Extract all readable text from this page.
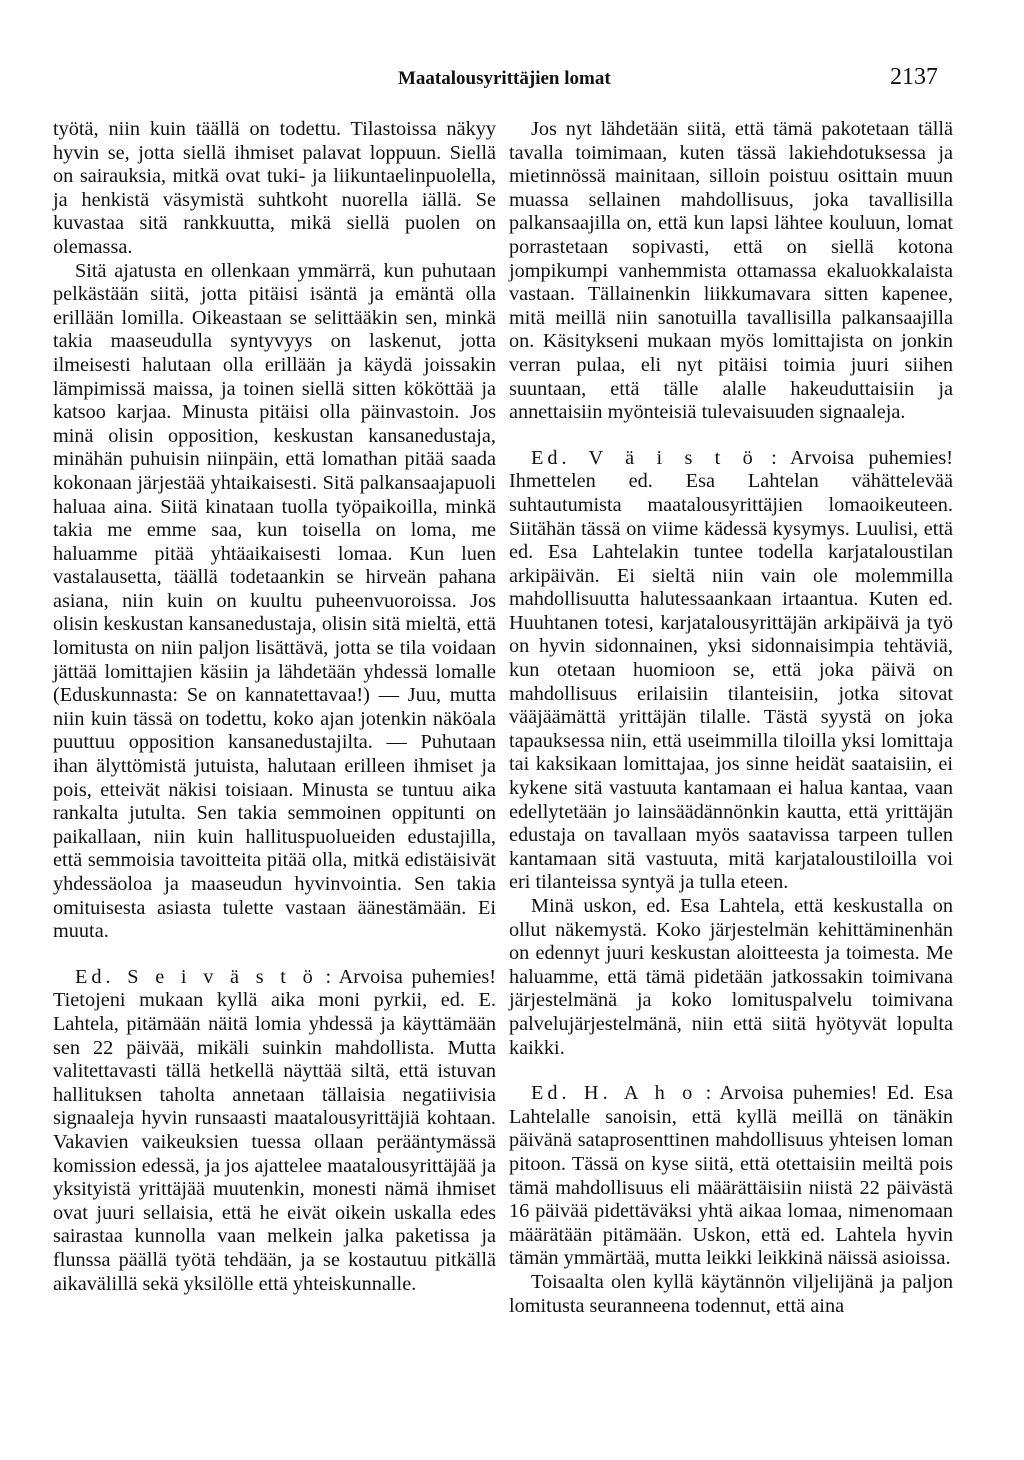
Maatalousyrittäjien lomat	2137

työtä, niin kuin täällä on todettu. Tilastoissa näkyy hyvin se, jotta siellä ihmiset palavat loppuun. Siellä on sairauksia, mitkä ovat tuki- ja liikuntaelinpuolella, ja henkistä väsymistä suhtkoht nuorella iällä. Se kuvastaa sitä rankkuutta, mikä siellä puolen on olemassa.

Sitä ajatusta en ollenkaan ymmärrä, kun puhutaan pelkästään siitä, jotta pitäisi isäntä ja emäntä olla erillään lomilla. Oikeastaan se selittääkin sen, minkä takia maaseudulla syntyvyys on laskenut, jotta ilmeisesti halutaan olla erillään ja käydä joissakin lämpimissä maissa, ja toinen siellä sitten kököttää ja katsoo karjaa. Minusta pitäisi olla päinvastoin. Jos minä olisin opposition, keskustan kansanedustaja, minähän puhuisin niinpäin, että lomathan pitää saada kokonaan järjestää yhtaikaisesti. Sitä palkansaajapuoli haluaa aina. Siitä kinataan tuolla työpaikoilla, minkä takia me emme saa, kun toisella on loma, me haluamme pitää yhtäaikaisesti lomaa. Kun luen vastalausetta, täällä todetaankin se hirveän pahana asiana, niin kuin on kuultu puheenvuoroissa. Jos olisin keskustan kansanedustaja, olisin sitä mieltä, että lomitusta on niin paljon lisättävä, jotta se tila voidaan jättää lomittajien käsiin ja lähdetään yhdessä lomalle (Eduskunnasta: Se on kannatettavaa!) — Juu, mutta niin kuin tässä on todettu, koko ajan jotenkin näköala puuttuu opposition kansanedustajilta. — Puhutaan ihan älyttömistä jutuista, halutaan erilleen ihmiset ja pois, etteivät näkisi toisiaan. Minusta se tuntuu aika rankalta jutulta. Sen takia semmoinen oppitunti on paikallaan, niin kuin hallituspuolueiden edustajilla, että semmoisia tavoitteita pitää olla, mitkä edistäisivät yhdessäoloa ja maaseudun hyvinvointia. Sen takia omituisesta asiasta tulette vastaan äänestämään. Ei muuta.

Ed. S e i v ä s t ö : Arvoisa puhemies! Tietojeni mukaan kyllä aika moni pyrkii, ed. E. Lahtela, pitämään näitä lomia yhdessä ja käyttämään sen 22 päivää, mikäli suinkin mahdollista. Mutta valitettavasti tällä hetkellä näyttää siltä, että istuvan hallituksen taholta annetaan tällaisia negatiivisia signaaleja hyvin runsaasti maatalousyrittäjiä kohtaan. Vakavien vaikeuksien tuessa ollaan perääntymässä komission edessä, ja jos ajattelee maatalousyrittäjää ja yksityistä yrittäjää muutenkin, monesti nämä ihmiset ovat juuri sellaisia, että he eivät oikein uskalla edes sairastaa kunnolla vaan melkein jalka paketissa ja flunssa päällä työtä tehdään, ja se kostautuu pitkällä aikavälillä sekä yksilölle että yhteiskunnalle.

Jos nyt lähdetään siitä, että tämä pakotetaan tällä tavalla toimimaan, kuten tässä lakiehdotuksessa ja mietinnössä mainitaan, silloin poistuu osittain muun muassa sellainen mahdollisuus, joka tavallisilla palkansaajilla on, että kun lapsi lähtee kouluun, lomat porrastetaan sopivasti, että on siellä kotona jompikumpi vanhemmista ottamassa ekaluokkalaista vastaan. Tällainenkin liikkumavara sitten kapenee, mitä meillä niin sanotuilla tavallisilla palkansaajilla on. Käsitykseni mukaan myös lomittajista on jonkin verran pulaa, eli nyt pitäisi toimia juuri siihen suuntaan, että tälle alalle hakeuduttaisiin ja annettaisiin myönteisiä tulevaisuuden signaaleja.

Ed. V ä i s t ö : Arvoisa puhemies! Ihmettelen ed. Esa Lahtelan vähättelevää suhtautumista maatalousyrittäjien lomaoikeuteen. Siitähän tässä on viime kädessä kysymys. Luulisi, että ed. Esa Lahtelakin tuntee todella karjataloustilan arkipäivän. Ei sieltä niin vain ole molemmilla mahdollisuutta halutessaankaan irtaantua. Kuten ed. Huuhtanen totesi, karjatalousyrittäjän arkipäivä ja työ on hyvin sidonnainen, yksi sidonnaisimpia tehtäviä, kun otetaan huomioon se, että joka päivä on mahdollisuus erilaisiin tilanteisiin, jotka sitovat vääjäämättä yrittäjän tilalle. Tästä syystä on joka tapauksessa niin, että useimmilla tiloilla yksi lomittaja tai kaksikaan lomittajaa, jos sinne heidät saataisiin, ei kykene sitä vastuuta kantamaan ei halua kantaa, vaan edellytetään jo lainsäädännönkin kautta, että yrittäjän edustaja on tavallaan myös saatavissa tarpeen tullen kantamaan sitä vastuuta, mitä karjataloustiloilla voi eri tilanteissa syntyä ja tulla eteen.

Minä uskon, ed. Esa Lahtela, että keskustalla on ollut näkemystä. Koko järjestelmän kehittäminenhän on edennyt juuri keskustan aloitteesta ja toimesta. Me haluamme, että tämä pidetään jatkossakin toimivana järjestelmänä ja koko lomituspalvelu toimivana palvelujärjestelmänä, niin että siitä hyötyvät lopulta kaikki.

Ed. H. A h o : Arvoisa puhemies! Ed. Esa Lahtelalle sanoisin, että kyllä meillä on tänäkin päivänä sataprosenttinen mahdollisuus yhteisen loman pitoon. Tässä on kyse siitä, että otettaisiin meiltä pois tämä mahdollisuus eli määrättäisiin niistä 22 päivästä 16 päivää pidettäväksi yhtä aikaa lomaa, nimenomaan määrätään pitämään. Uskon, että ed. Lahtela hyvin tämän ymmärtää, mutta leikki leikkinä näissä asioissa.

Toisaalta olen kyllä käytännön viljelijänä ja paljon lomitusta seuranneena todennut, että aina
